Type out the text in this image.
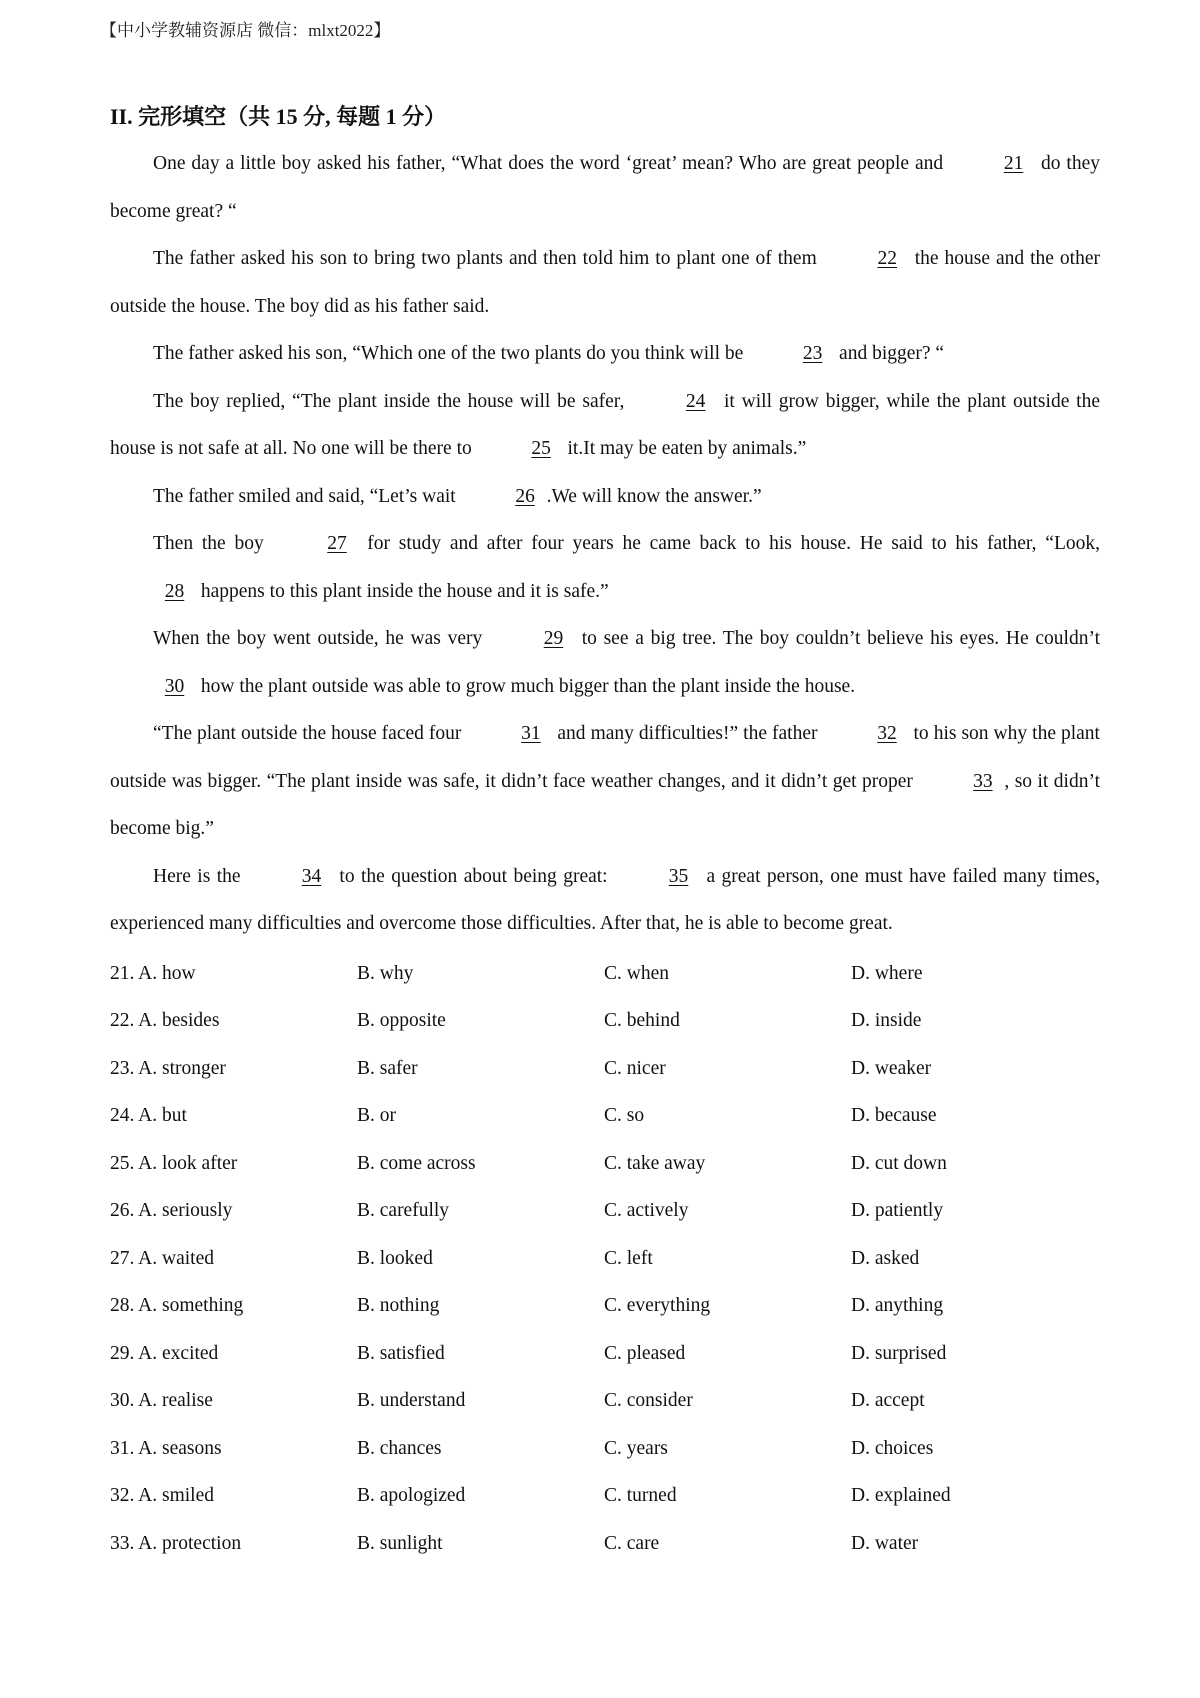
【中小学教辅资源店 微信：mlxt2022】
II. 完形填空（共 15 分, 每题 1 分）

One day a little boy asked his father, “What does the word ‘great’ mean? Who are great people and	21 do they become great? “

The father asked his son to bring two plants and then told him to plant one of them	22 the house and the other outside the house. The boy did as his father said.

The father asked his son, “Which one of the two plants do you think will be	23 and bigger? “

The boy replied, “The plant inside the house will be safer,	24 it will grow bigger, while the plant outside the house is not safe at all. No one will be there to	25 it.It may be eaten by animals.”

The father smiled and said, “Let’s wait	26 .We will know the answer.”

Then the boy	27 for study and after four years he came back to his house. He said to his father, “Look, 28 happens to this plant inside the house and it is safe.”

When the boy went outside, he was very	29 to see a big tree. The boy couldn’t believe his eyes. He couldn’t 30 how the plant outside was able to grow much bigger than the plant inside the house.

“The plant outside the house faced four	31 and many difficulties!” the father	32 to his son why the plant outside was bigger. “The plant inside was safe, it didn’t face weather changes, and it didn’t get proper	33 , so it didn’t become big.”

Here is the	34 to the question about being great:	35 a great person, one must have failed many times, experienced many difficulties and overcome those difficulties. After that, he is able to become great.

21. A. how	B. why	C. when	D. where
22. A. besides	B. opposite	C. behind	D. inside
23. A. stronger	B. safer	C. nicer	D. weaker
24. A. but	B. or	C. so	D. because
25. A. look after	B. come across	C. take away	D. cut down
26. A. seriously	B. carefully	C. actively	D. patiently
27. A. waited	B. looked	C. left	D. asked
28. A. something	B. nothing	C. everything	D. anything
29. A. excited	B. satisfied	C. pleased	D. surprised
30. A. realise	B. understand	C. consider	D. accept
31. A. seasons	B. chances	C. years	D. choices
32. A. smiled	B. apologized	C. turned	D. explained
33. A. protection	B. sunlight	C. care	D. water
